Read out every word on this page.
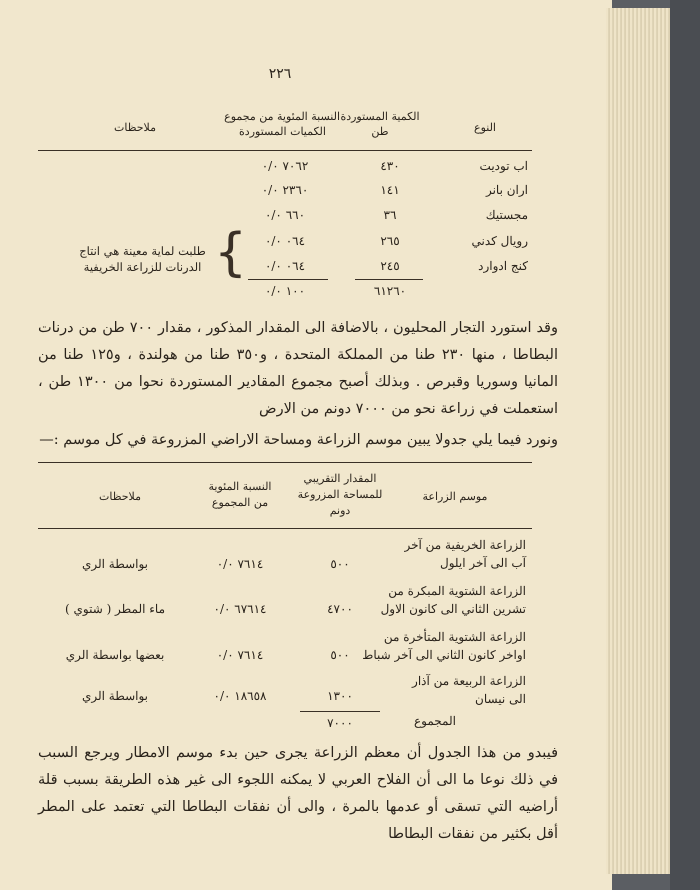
٢٢٦
النوع
الكمية المستوردة
طن
النسبة المئوية من مجموع
الكميات المستوردة
ملاحظات
اب توديت
٤٣٠
٧٠٦٢ ٠/٠
اران بانر
١٤١
٢٣٦٠ ٠/٠
مجستيك
٣٦
٦٦٠ ٠/٠
رويال كدني
٢٦٥
٠٦٤ ٠/٠
كنج ادوارد
٢٤٥
٠٦٤ ٠/٠
{
طلبت لماية معينة هي انتاج
الدرنات للزراعة الخريفية
٦١٢٦٠
١٠٠ ٠/٠
وقد استورد التجار المحليون ، بالاضافة الى المقدار المذكور ، مقدار ٧٠٠ طن من درنات البطاطا ، منها ٢٣٠ طنا من المملكة المتحدة ، و٣٥٠ طنا من هولندة ، و١٢٥ طنا من المانيا وسوريا وقبرص . وبذلك أصبح مجموع المقادير المستوردة نحوا من ١٣٠٠ طن ، استعملت في زراعة نحو من ٧٠٠٠ دونم من الارض
ونورد فيما يلي جدولا يبين موسم الزراعة ومساحة الاراضي المزروعة في كل موسم :—
موسم الزراعة
المقدار التقريبي
للمساحة المزروعة
دونم
النسبة المئوية
من المجموع
ملاحظات
الزراعة الخريفية من آخر
آب الى آخر ايلول
٥٠٠
٧٦١٤ ٠/٠
بواسطة الري
الزراعة الشتوية المبكرة من
تشرين الثاني الى كانون الاول
٤٧٠٠
٦٧٦١٤ ٠/٠
ماء المطر ( شتوي )
الزراعة الشتوية المتأخرة من
اواخر كانون الثاني الى آخر شباط
٥٠٠
٧٦١٤ ٠/٠
بعضها بواسطة الري
الزراعة الربيعة من آذار
الى نيسان
١٣٠٠
١٨٦٥٨ ٠/٠
بواسطة الري
المجموع
٧٠٠٠
فيبدو من هذا الجدول أن معظم الزراعة يجرى حين بدء موسم الامطار ويرجع السبب في ذلك نوعا ما الى أن الفلاح العربي لا يمكنه اللجوء الى غير هذه الطريقة بسبب قلة أراضيه التي تسقى أو عدمها بالمرة ، والى أن نفقات البطاطا التي تعتمد على المطر أقل بكثير من نفقات البطاطا
